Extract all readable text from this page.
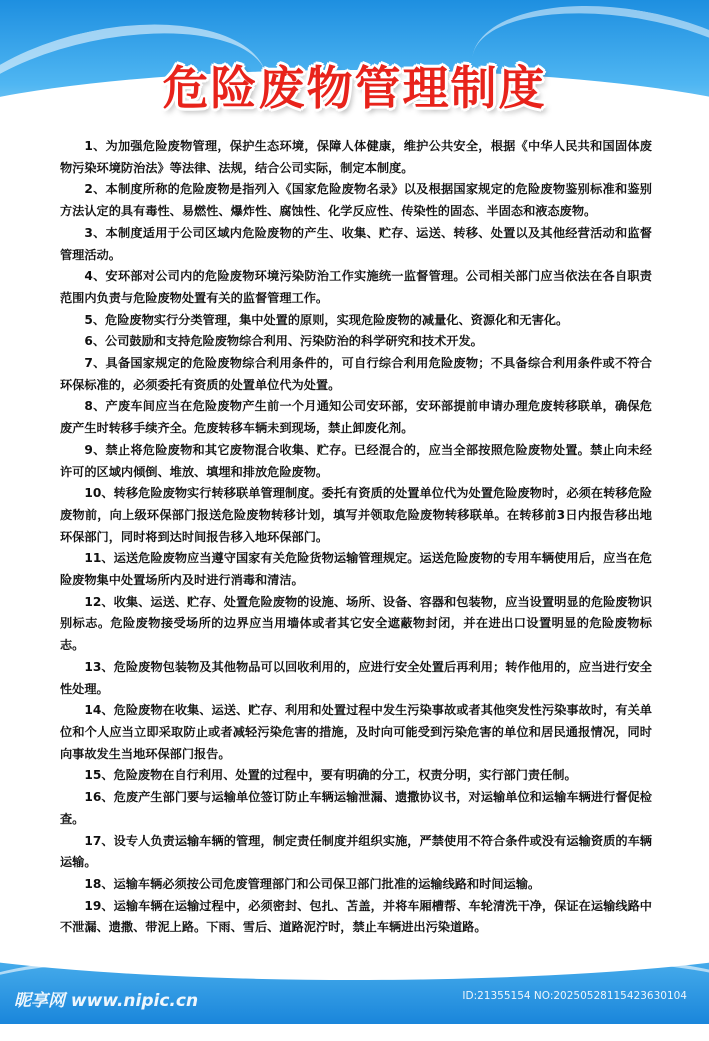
危险废物管理制度

1、为加强危险废物管理，保护生态环境，保障人体健康，维护公共安全，根据《中华人民共和国固体废物污染环境防治法》等法律、法规，结合公司实际，制定本制度。

2、本制度所称的危险废物是指列入《国家危险废物名录》以及根据国家规定的危险废物鉴别标准和鉴别方法认定的具有毒性、易燃性、爆炸性、腐蚀性、化学反应性、传染性的固态、半固态和液态废物。

3、本制度适用于公司区域内危险废物的产生、收集、贮存、运送、转移、处置以及其他经营活动和监督管理活动。

4、安环部对公司内的危险废物环境污染防治工作实施统一监督管理。公司相关部门应当依法在各自职责范围内负责与危险废物处置有关的监督管理工作。

5、危险废物实行分类管理，集中处置的原则，实现危险废物的减量化、资源化和无害化。

6、公司鼓励和支持危险废物综合利用、污染防治的科学研究和技术开发。

7、具备国家规定的危险废物综合利用条件的，可自行综合利用危险废物；不具备综合利用条件或不符合环保标准的，必须委托有资质的处置单位代为处置。

8、产废车间应当在危险废物产生前一个月通知公司安环部，安环部提前申请办理危废转移联单，确保危废产生时转移手续齐全。危废转移车辆未到现场，禁止卸废化剂。

9、禁止将危险废物和其它废物混合收集、贮存。已经混合的，应当全部按照危险废物处置。禁止向未经许可的区域内倾倒、堆放、填埋和排放危险废物。

10、转移危险废物实行转移联单管理制度。委托有资质的处置单位代为处置危险废物时，必须在转移危险废物前，向上级环保部门报送危险废物转移计划，填写并领取危险废物转移联单。在转移前3日内报告移出地环保部门，同时将到达时间报告移入地环保部门。

11、运送危险废物应当遵守国家有关危险货物运输管理规定。运送危险废物的专用车辆使用后，应当在危险废物集中处置场所内及时进行消毒和清洁。

12、收集、运送、贮存、处置危险废物的设施、场所、设备、容器和包装物，应当设置明显的危险废物识别标志。危险废物接受场所的边界应当用墙体或者其它安全遮蔽物封闭，并在进出口设置明显的危险废物标志。

13、危险废物包装物及其他物品可以回收利用的，应进行安全处置后再利用；转作他用的，应当进行安全性处理。

14、危险废物在收集、运送、贮存、利用和处置过程中发生污染事故或者其他突发性污染事故时，有关单位和个人应当立即采取防止或者减轻污染危害的措施，及时向可能受到污染危害的单位和居民通报情况，同时向事故发生当地环保部门报告。

15、危险废物在自行利用、处置的过程中，要有明确的分工，权责分明，实行部门责任制。

16、危废产生部门要与运输单位签订防止车辆运输泄漏、遗撒协议书，对运输单位和运输车辆进行督促检查。

17、设专人负责运输车辆的管理，制定责任制度并组织实施，严禁使用不符合条件或没有运输资质的车辆运输。

18、运输车辆必须按公司危废管理部门和公司保卫部门批准的运输线路和时间运输。

19、运输车辆在运输过程中，必须密封、包扎、苫盖，并将车厢槽帮、车轮清洗干净，保证在运输线路中不泄漏、遗撒、带泥上路。下雨、雪后、道路泥泞时，禁止车辆进出污染道路。

昵享网 www.nipic.cn	ID:21355154 NO:20250528115423630104
